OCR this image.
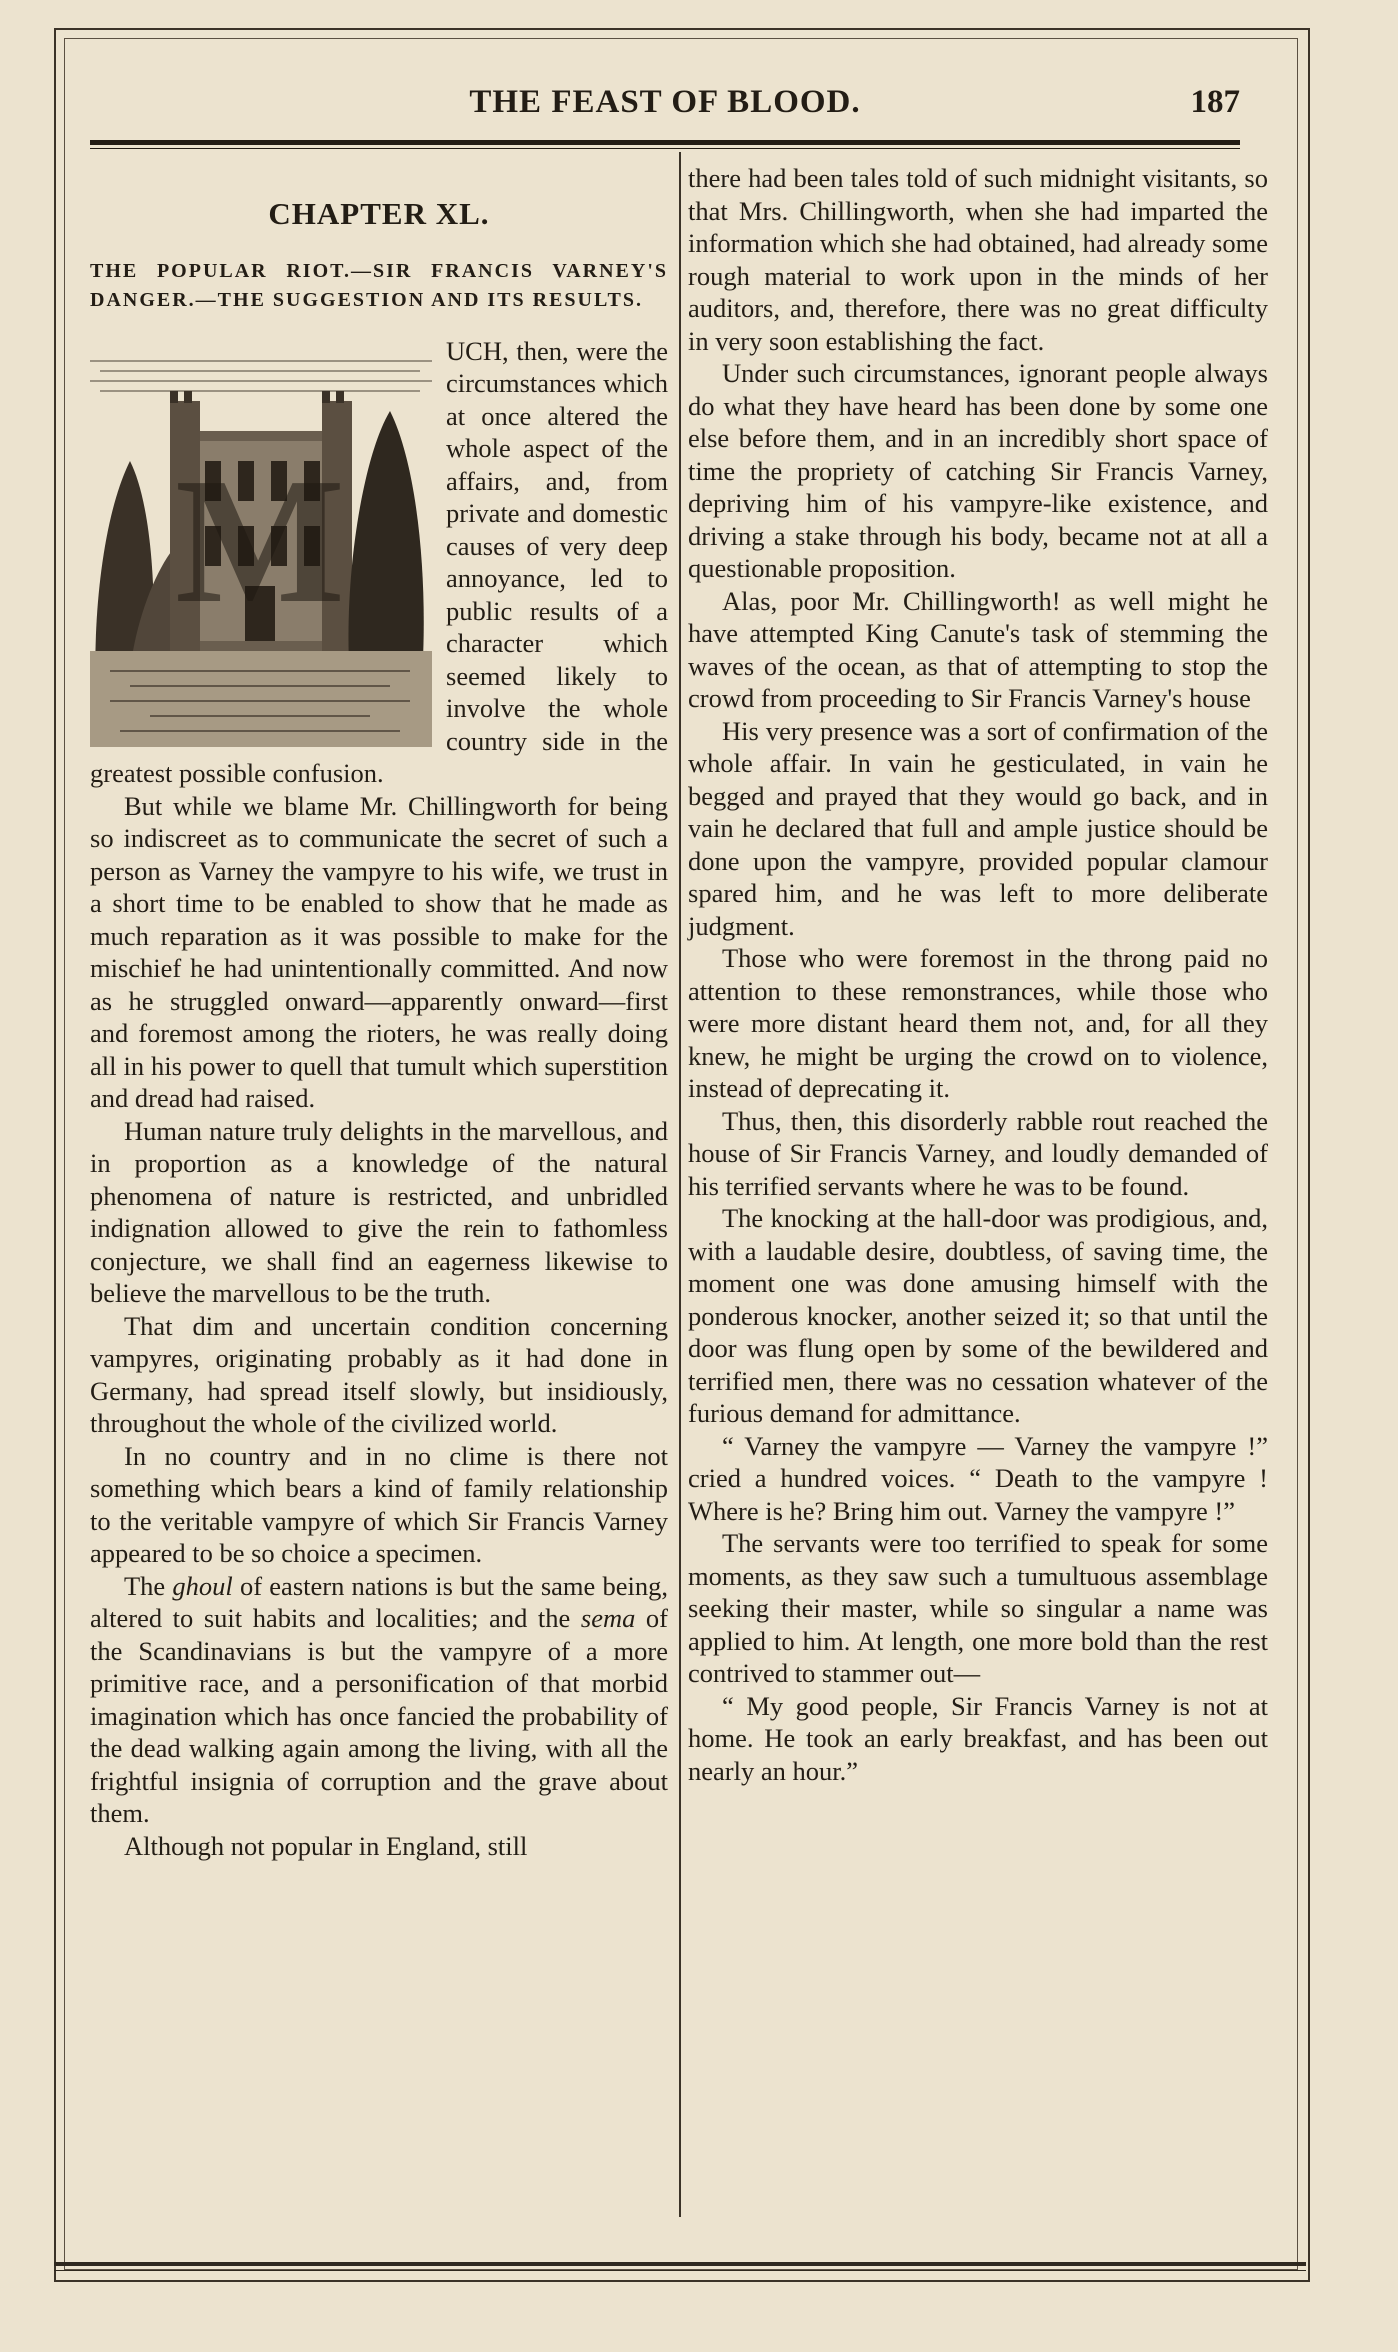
THE FEAST OF BLOOD.	187
CHAPTER XL.
THE POPULAR RIOT.—SIR FRANCIS VARNEY'S DANGER.—THE SUGGESTION AND ITS RESULTS.
M

UCH, then, were the circumstances which at once altered the whole aspect of the affairs, and, from private and domestic causes of very deep annoyance, led to public results of a character which seemed likely to involve the whole country side in the greatest possible confusion.

But while we blame Mr. Chillingworth for being so indiscreet as to communicate the secret of such a person as Varney the vampyre to his wife, we trust in a short time to be enabled to show that he made as much reparation as it was possible to make for the mischief he had unintentionally committed. And now as he struggled onward—apparently onward—first and foremost among the rioters, he was really doing all in his power to quell that tumult which superstition and dread had raised.

Human nature truly delights in the marvellous, and in proportion as a knowledge of the natural phenomena of nature is restricted, and unbridled indignation allowed to give the rein to fathomless conjecture, we shall find an eagerness likewise to believe the marvellous to be the truth.

That dim and uncertain condition concerning vampyres, originating probably as it had done in Germany, had spread itself slowly, but insidiously, throughout the whole of the civilized world.

In no country and in no clime is there not something which bears a kind of family relationship to the veritable vampyre of which Sir Francis Varney appeared to be so choice a specimen.

The ghoul of eastern nations is but the same being, altered to suit habits and localities; and the sema of the Scandinavians is but the vampyre of a more primitive race, and a personification of that morbid imagination which has once fancied the probability of the dead walking again among the living, with all the frightful insignia of corruption and the grave about them.

Although not popular in England, still

there had been tales told of such midnight visitants, so that Mrs. Chillingworth, when she had imparted the information which she had obtained, had already some rough material to work upon in the minds of her auditors, and, therefore, there was no great difficulty in very soon establishing the fact.

Under such circumstances, ignorant people always do what they have heard has been done by some one else before them, and in an incredibly short space of time the propriety of catching Sir Francis Varney, depriving him of his vampyre-like existence, and driving a stake through his body, became not at all a questionable proposition.

Alas, poor Mr. Chillingworth! as well might he have attempted King Canute's task of stemming the waves of the ocean, as that of attempting to stop the crowd from proceeding to Sir Francis Varney's house

His very presence was a sort of confirmation of the whole affair. In vain he gesticulated, in vain he begged and prayed that they would go back, and in vain he declared that full and ample justice should be done upon the vampyre, provided popular clamour spared him, and he was left to more deliberate judgment.

Those who were foremost in the throng paid no attention to these remonstrances, while those who were more distant heard them not, and, for all they knew, he might be urging the crowd on to violence, instead of deprecating it.

Thus, then, this disorderly rabble rout reached the house of Sir Francis Varney, and loudly demanded of his terrified servants where he was to be found.

The knocking at the hall-door was prodigious, and, with a laudable desire, doubtless, of saving time, the moment one was done amusing himself with the ponderous knocker, another seized it; so that until the door was flung open by some of the bewildered and terrified men, there was no cessation whatever of the furious demand for admittance.

“ Varney the vampyre — Varney the vampyre !” cried a hundred voices. “ Death to the vampyre ! Where is he? Bring him out. Varney the vampyre !”

The servants were too terrified to speak for some moments, as they saw such a tumultuous assemblage seeking their master, while so singular a name was applied to him. At length, one more bold than the rest contrived to stammer out—

“ My good people, Sir Francis Varney is not at home. He took an early breakfast, and has been out nearly an hour.”
